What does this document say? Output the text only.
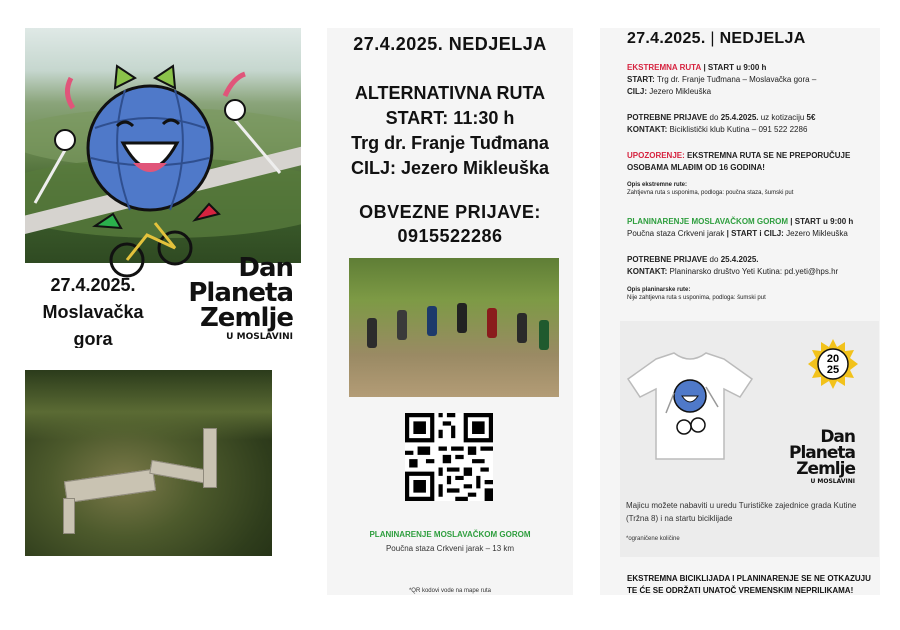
27.4.2025.
Moslavačka
gora
Dan
Planeta
Zemlje
U MOSLAVINI
27.4.2025. NEDJELJA
ALTERNATIVNA RUTA
START: 11:30 h
Trg dr. Franje Tuđmana
CILJ: Jezero Mikleuška
OBVEZNE PRIJAVE:
0915522286
PLANINARENJE MOSLAVAČKOM GOROM
Poučna staza Crkveni jarak – 13 km
*QR kodovi vode na mape ruta
27.4.2025. | NEDJELJA
EKSTREMNA RUTA | START u 9:00 h
START: Trg dr. Franje Tuđmana – Moslavačka gora –
CILJ: Jezero Mikleuška
POTREBNE PRIJAVE do 25.4.2025. uz kotizaciju 5€
KONTAKT: Biciklistički klub Kutina – 091 522 2286
UPOZORENJE: EKSTREMNA RUTA SE NE PREPORUČUJE OSOBAMA MLAĐIM OD 16 GODINA!
Opis ekstremne rute:
Zahtjevna ruta s usponima, podloga: poučna staza, šumski put
PLANINARENJE MOSLAVAČKOM GOROM | START u 9:00 h
Poučna staza Crkveni jarak | START i CILJ: Jezero Mikleuška
POTREBNE PRIJAVE do 25.4.2025.
KONTAKT: Planinarsko društvo Yeti Kutina: pd.yeti@hps.hr
Opis planinarske rute:
Nije zahtjevna ruta s usponima, podloga: šumski put
20
25
Dan
Planeta
Zemlje
U MOSLAVINI
Majicu možete nabaviti u uredu Turističke zajednice grada Kutine (Tržna 8) i na startu biciklijade
*ograničene količine
EKSTREMNA BICIKLIJADA I PLANINARENJE SE NE OTKAZUJU TE ĆE SE ODRŽATI UNATOČ VREMENSKIM NEPRILIKAMA!
